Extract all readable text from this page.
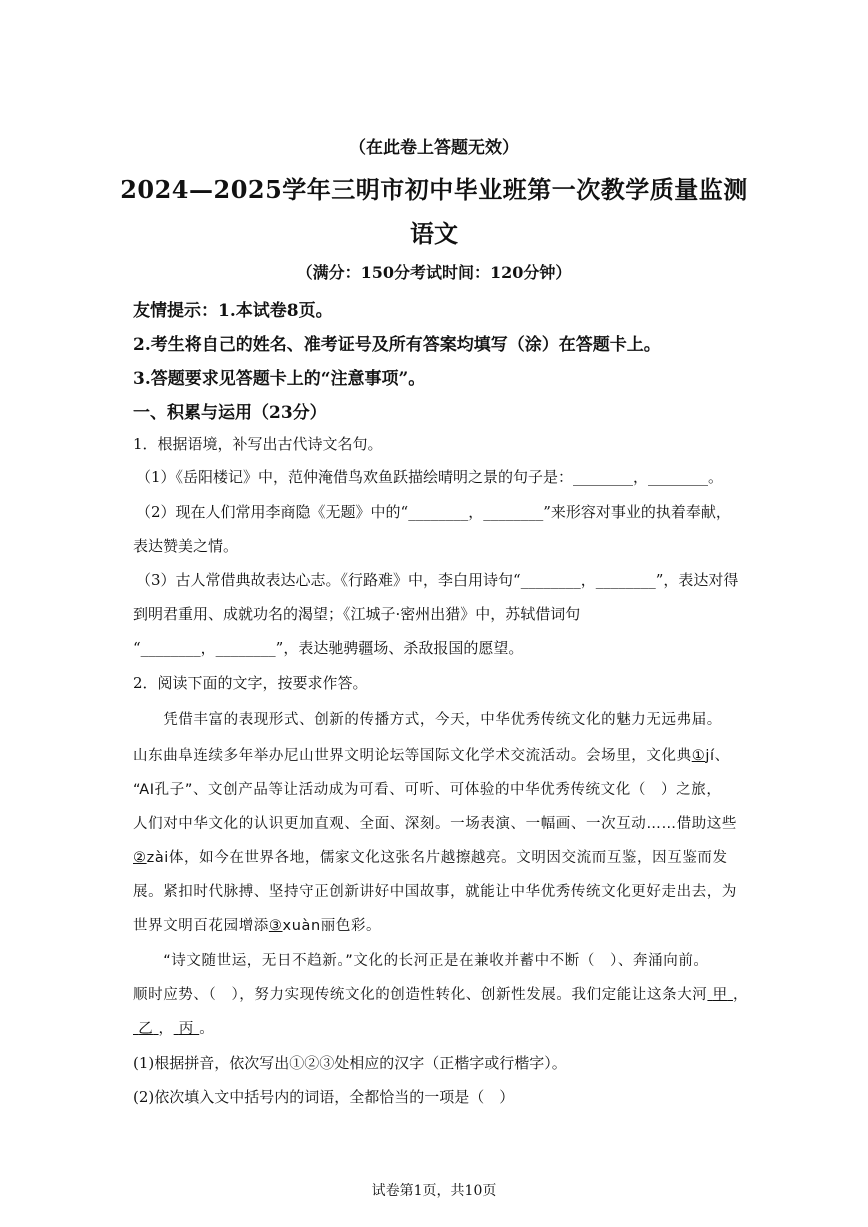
（在此卷上答题无效）
2024—2025学年三明市初中毕业班第一次教学质量监测
语文
（满分：150分考试时间：120分钟）
友情提示：1.本试卷8页。
2.考生将自己的姓名、准考证号及所有答案均填写（涂）在答题卡上。
3.答题要求见答题卡上的“注意事项”。
一、积累与运用（23分）
1．根据语境，补写出古代诗文名句。
（1）《岳阳楼记》中，范仲淹借鸟欢鱼跃描绘晴明之景的句子是：________，________。
（2）现在人们常用李商隐《无题》中的“________，________”来形容对事业的执着奉献，
表达赞美之情。
（3）古人常借典故表达心志。《行路难》中，李白用诗句“________，________”，表达对得
到明君重用、成就功名的渴望；《江城子·密州出猎》中，苏轼借词句
“________，________”，表达驰骋疆场、杀敌报国的愿望。
2．阅读下面的文字，按要求作答。
　　凭借丰富的表现形式、创新的传播方式，今天，中华优秀传统文化的魅力无远弗届。
山东曲阜连续多年举办尼山世界文明论坛等国际文化学术交流活动。会场里，文化典①jí、
“AI孔子”、文创产品等让活动成为可看、可听、可体验的中华优秀传统文化（　）之旅，
人们对中华文化的认识更加直观、全面、深刻。一场表演、一幅画、一次互动……借助这些
②zài体，如今在世界各地，儒家文化这张名片越擦越亮。文明因交流而互鉴，因互鉴而发
展。紧扣时代脉搏、坚持守正创新讲好中国故事，就能让中华优秀传统文化更好走出去，为
世界文明百花园增添③xuàn丽色彩。
　　“诗文随世运，无日不趋新。”文化的长河正是在兼收并蓄中不断（　）、奔涌向前。
顺时应势、（　），努力实现传统文化的创造性转化、创新性发展。我们定能让这条大河 甲 ，
乙 ， 丙 。
(1)根据拼音，依次写出①②③处相应的汉字（正楷字或行楷字）。
(2)依次填入文中括号内的词语，全都恰当的一项是（　）
试卷第1页，共10页
